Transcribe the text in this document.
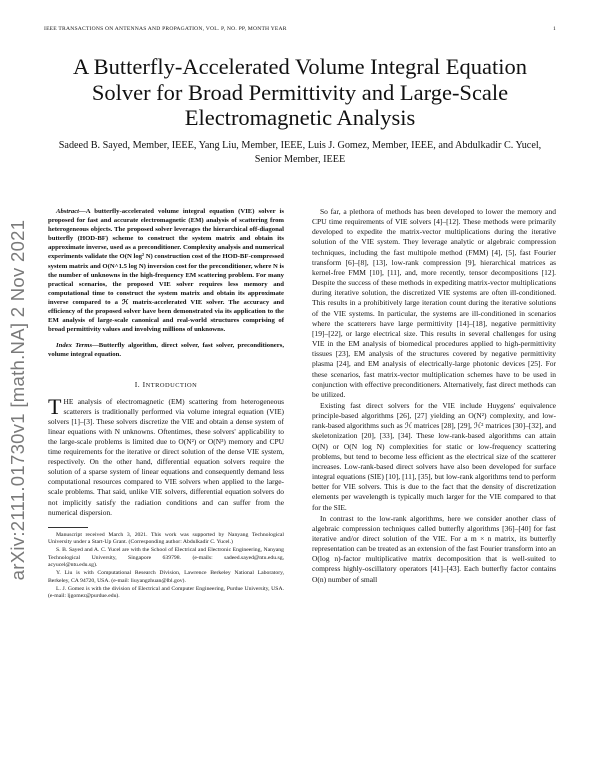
IEEE TRANSACTIONS ON ANTENNAS AND PROPAGATION, VOL. P, NO. PP, MONTH YEAR	1
arXiv:2111.01730v1 [math.NA] 2 Nov 2021
A Butterfly-Accelerated Volume Integral Equation Solver for Broad Permittivity and Large-Scale Electromagnetic Analysis
Sadeed B. Sayed, Member, IEEE, Yang Liu, Member, IEEE, Luis J. Gomez, Member, IEEE, and Abdulkadir C. Yucel, Senior Member, IEEE

Abstract—A butterfly-accelerated volume integral equation (VIE) solver is proposed for fast and accurate electromagnetic (EM) analysis of scattering from heterogeneous objects. The proposed solver leverages the hierarchical off-diagonal butterfly (HOD-BF) scheme to construct the system matrix and obtain its approximate inverse, used as a preconditioner. Complexity analysis and numerical experiments validate the O(N log² N) construction cost of the HOD-BF-compressed system matrix and O(N^1.5 log N) inversion cost for the preconditioner, where N is the number of unknowns in the high-frequency EM scattering problem. For many practical scenarios, the proposed VIE solver requires less memory and computational time to construct the system matrix and obtain its approximate inverse compared to a ℋ matrix-accelerated VIE solver. The accuracy and efficiency of the proposed solver have been demonstrated via its application to the EM analysis of large-scale canonical and real-world structures comprising of broad permittivity values and involving millions of unknowns.

Index Terms—Butterfly algorithm, direct solver, fast solver, preconditioners, volume integral equation.

I. INTRODUCTION

THE analysis of electromagnetic (EM) scattering from heterogeneous scatterers is traditionally performed via volume integral equation (VIE) solvers [1]–[3]. These solvers discretize the VIE and obtain a dense system of linear equations with N unknowns. Oftentimes, these solvers' applicability to the large-scale problems is limited due to O(N²) or O(N³) memory and CPU time requirements for the iterative or direct solution of the dense VIE system, respectively. On the other hand, differential equation solvers require the solution of a sparse system of linear equations and consequently demand less computational resources compared to VIE solvers when applied to the large-scale problems. That said, unlike VIE solvers, differential equation solvers do not implicitly satisfy the radiation conditions and can suffer from the numerical dispersion.

Manuscript received March 3, 2021. This work was supported by Nanyang Technological University under a Start-Up Grant. (Corresponding author: Abdulkadir C. Yucel.)

S. B. Sayed and A. C. Yucel are with the School of Electrical and Electronic Engineering, Nanyang Technological University, Singapore 639798. (e-mails: sadeed.sayed@ntu.edu.sg, acyucel@ntu.edu.sg).

Y. Liu is with Computational Research Division, Lawrence Berkeley National Laboratory, Berkeley, CA 94720, USA. (e-mail: liuyangzhuan@lbl.gov).

L. J. Gomez is with the division of Electrical and Computer Engineering, Purdue University, USA. (e-mail: ljgomez@purdue.edu).

So far, a plethora of methods has been developed to lower the memory and CPU time requirements of VIE solvers [4]–[12]. These methods were primarily developed to expedite the matrix-vector multiplications during the iterative solution of the VIE system. They leverage analytic or algebraic compression techniques, including the fast multipole method (FMM) [4], [5], fast Fourier transform [6]–[8], [13], low-rank compression [9], hierarchical matrices as kernel-free FMM [10], [11], and, more recently, tensor decompositions [12]. Despite the success of these methods in expediting matrix-vector multiplications during iterative solution, the discretized VIE systems are often ill-conditioned. This results in a prohibitively large iteration count during the iterative solutions of the VIE systems. In particular, the systems are ill-conditioned in scenarios where the scatterers have large permittivity [14]–[18], negative permittivity [19]–[22], or large electrical size. This results in several challenges for using VIE in the EM analysis of biomedical procedures applied to high-permittivity tissues [23], EM analysis of the structures covered by negative permittivity plasma [24], and EM analysis of electrically-large photonic devices [25]. For these scenarios, fast matrix-vector multiplication schemes have to be used in conjunction with effective preconditioners. Alternatively, fast direct methods can be utilized.

Existing fast direct solvers for the VIE include Huygens' equivalence principle-based algorithms [26], [27] yielding an O(N²) complexity, and low-rank-based algorithms such as ℋ matrices [28], [29], ℋ² matrices [30]–[32], and skeletonization [20], [33], [34]. These low-rank-based algorithms can attain O(N) or O(N log N) complexities for static or low-frequency scattering problems, but tend to become less efficient as the electrical size of the scatterer increases. Low-rank-based direct solvers have also been developed for surface integral equations (SIE) [10], [11], [35], but low-rank algorithms tend to perform better for VIE solvers. This is due to the fact that the density of discretization elements per wavelength is typically much larger for the VIE compared to that for the SIE.

In contrast to the low-rank algorithms, here we consider another class of algebraic compression techniques called butterfly algorithms [36]–[40] for fast iterative and/or direct solution of the VIE. For a m × n matrix, its butterfly representation can be treated as an extension of the fast Fourier transform into an O(log n)-factor multiplicative matrix decomposition that is well-suited to compress highly-oscillatory operators [41]–[43]. Each butterfly factor contains O(n) number of small
